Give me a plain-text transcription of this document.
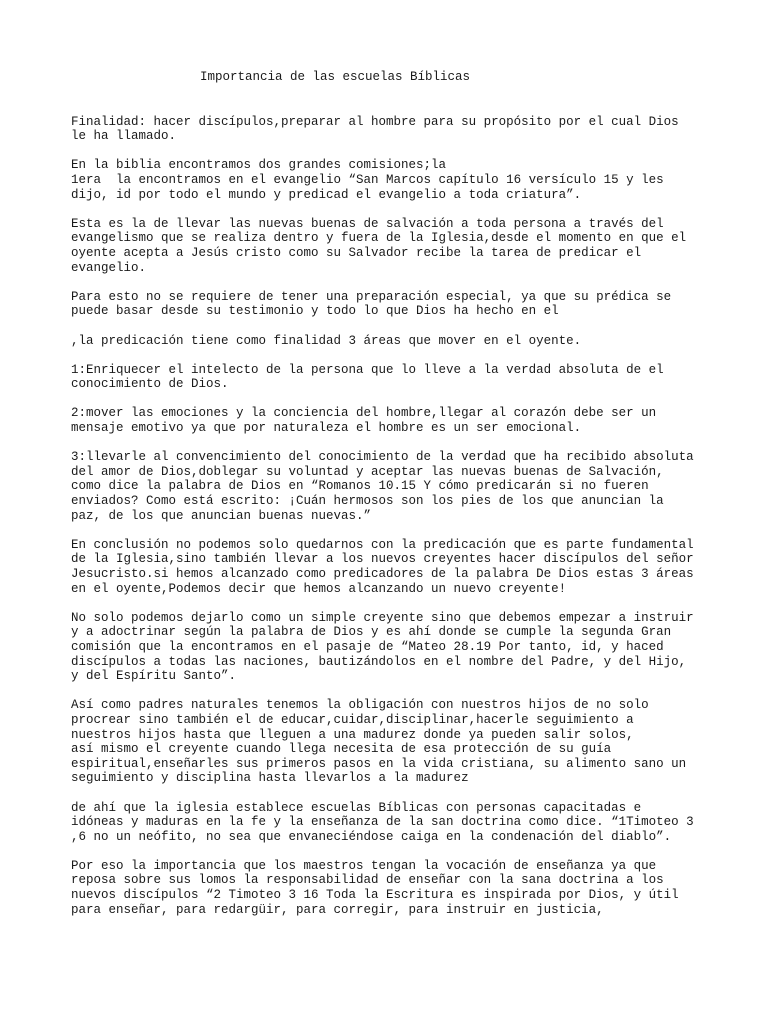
Importancia de las escuelas Bíblicas

Finalidad: hacer discípulos,preparar al hombre para su propósito por el cual Dios
le ha llamado.

En la biblia encontramos dos grandes comisiones;la
1era  la encontramos en el evangelio “San Marcos capítulo 16 versículo 15 y les
dijo, id por todo el mundo y predicad el evangelio a toda criatura”.

Esta es la de llevar las nuevas buenas de salvación a toda persona a través del
evangelismo que se realiza dentro y fuera de la Iglesia,desde el momento en que el
oyente acepta a Jesús cristo como su Salvador recibe la tarea de predicar el
evangelio.

Para esto no se requiere de tener una preparación especial, ya que su prédica se
puede basar desde su testimonio y todo lo que Dios ha hecho en el

,la predicación tiene como finalidad 3 áreas que mover en el oyente.

1:Enriquecer el intelecto de la persona que lo lleve a la verdad absoluta de el
conocimiento de Dios.

2:mover las emociones y la conciencia del hombre,llegar al corazón debe ser un
mensaje emotivo ya que por naturaleza el hombre es un ser emocional.

3:llevarle al convencimiento del conocimiento de la verdad que ha recibido absoluta
del amor de Dios,doblegar su voluntad y aceptar las nuevas buenas de Salvación,
como dice la palabra de Dios en “Romanos 10.15 Y cómo predicarán si no fueren
enviados? Como está escrito: ¡Cuán hermosos son los pies de los que anuncian la
paz, de los que anuncian buenas nuevas.”

En conclusión no podemos solo quedarnos con la predicación que es parte fundamental
de la Iglesia,sino también llevar a los nuevos creyentes hacer discípulos del señor
Jesucristo.si hemos alcanzado como predicadores de la palabra De Dios estas 3 áreas
en el oyente,Podemos decir que hemos alcanzando un nuevo creyente!

No solo podemos dejarlo como un simple creyente sino que debemos empezar a instruir
y a adoctrinar según la palabra de Dios y es ahí donde se cumple la segunda Gran
comisión que la encontramos en el pasaje de “Mateo 28.19 Por tanto, id, y haced
discípulos a todas las naciones, bautizándolos en el nombre del Padre, y del Hijo,
y del Espíritu Santo”.

Así como padres naturales tenemos la obligación con nuestros hijos de no solo
procrear sino también el de educar,cuidar,disciplinar,hacerle seguimiento a
nuestros hijos hasta que lleguen a una madurez donde ya pueden salir solos,
así mismo el creyente cuando llega necesita de esa protección de su guía
espiritual,enseñarles sus primeros pasos en la vida cristiana, su alimento sano un
seguimiento y disciplina hasta llevarlos a la madurez

de ahí que la iglesia establece escuelas Bíblicas con personas capacitadas e
idóneas y maduras en la fe y la enseñanza de la san doctrina como dice. “1Timoteo 3
,6 no un neófito, no sea que envaneciéndose caiga en la condenación del diablo”.

Por eso la importancia que los maestros tengan la vocación de enseñanza ya que
reposa sobre sus lomos la responsabilidad de enseñar con la sana doctrina a los
nuevos discípulos “2 Timoteo 3 16 Toda la Escritura es inspirada por Dios, y útil
para enseñar, para redargüir, para corregir, para instruir en justicia,
